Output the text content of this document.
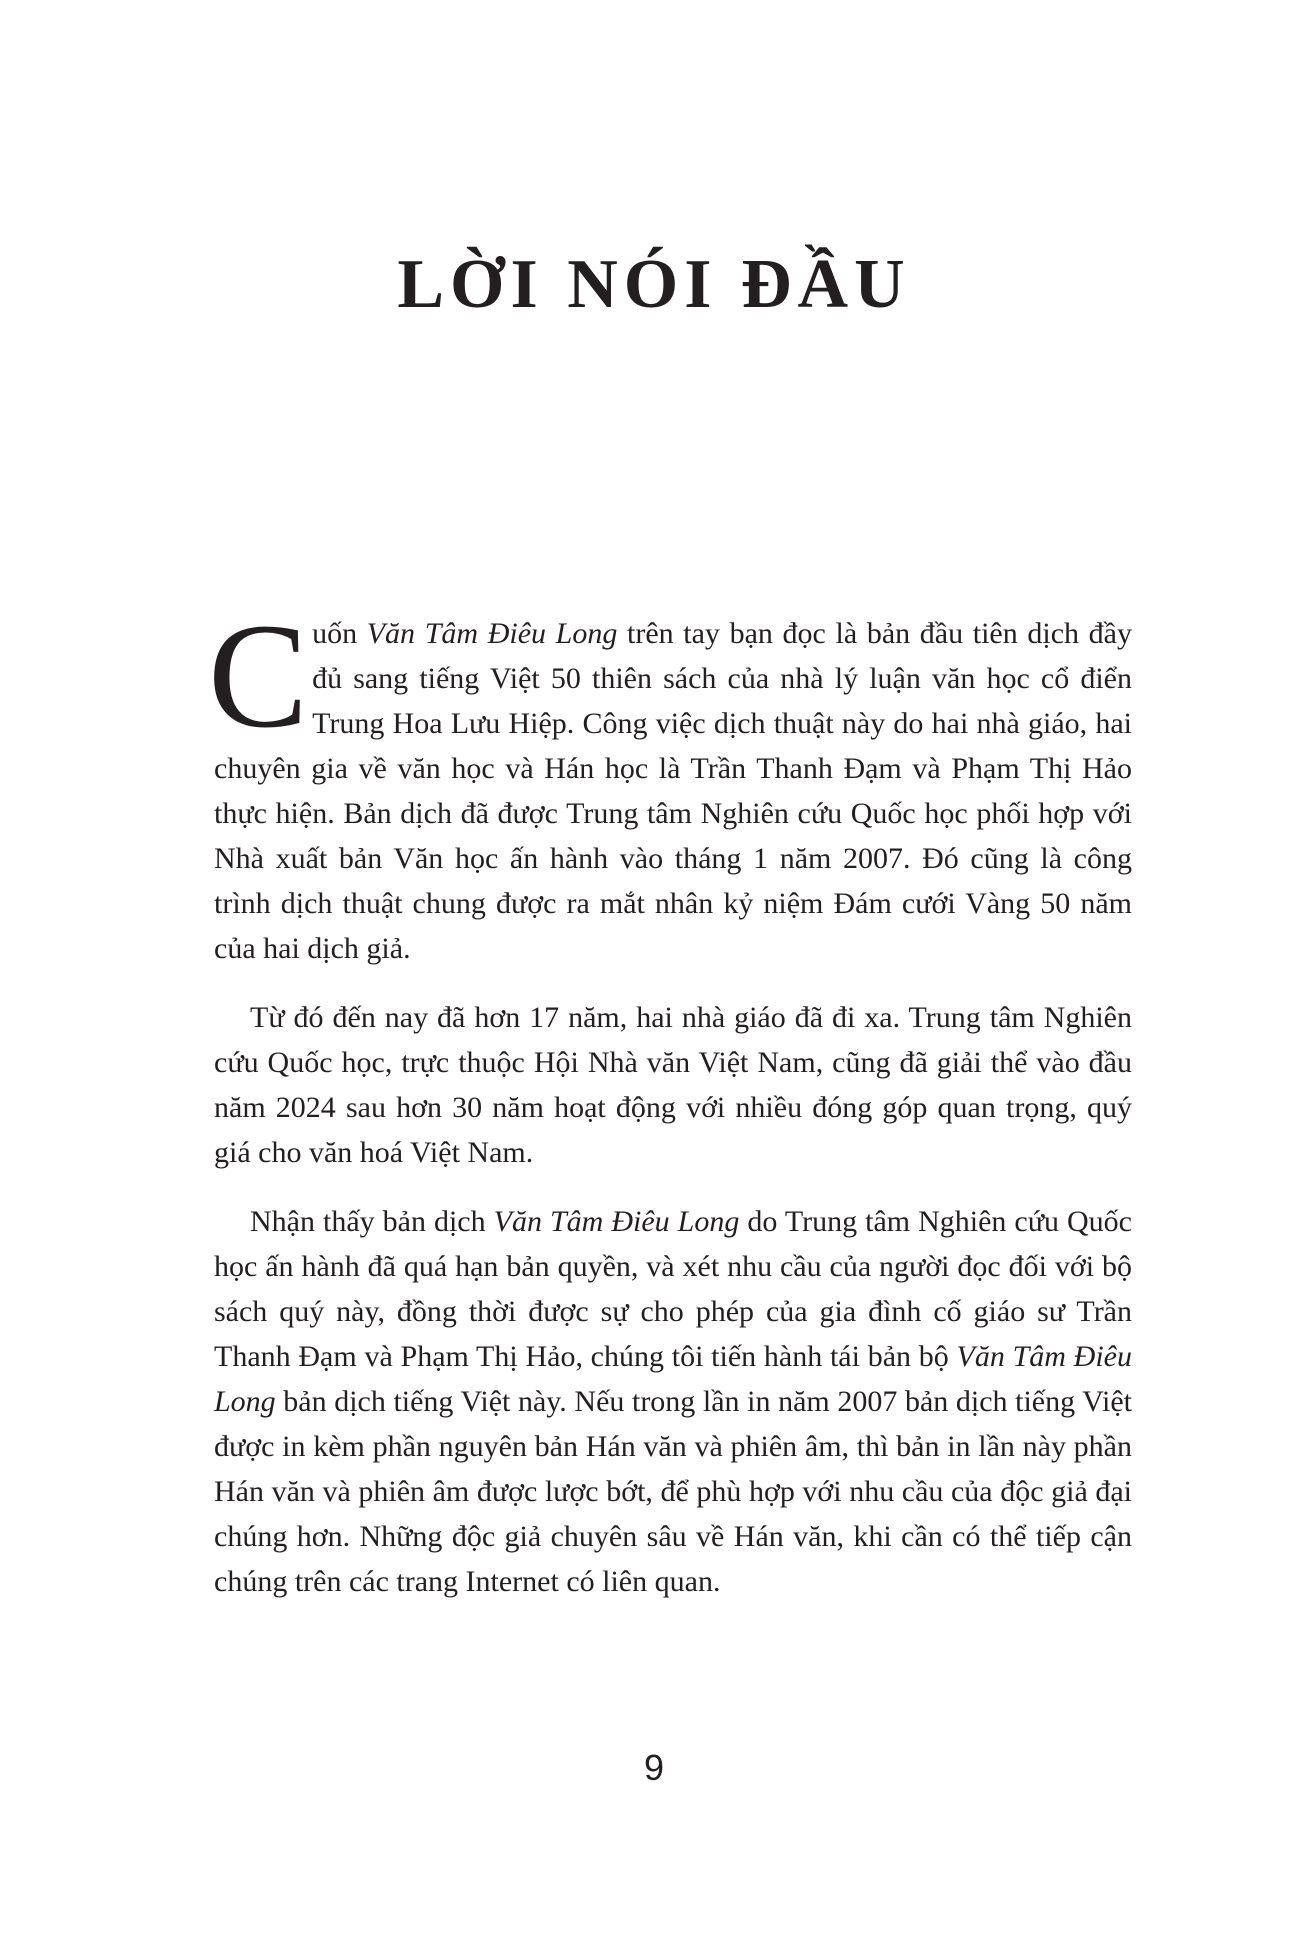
LỜI NÓI ĐẦU

Cuốn Văn Tâm Điêu Long trên tay bạn đọc là bản đầu tiên dịch đầy đủ sang tiếng Việt 50 thiên sách của nhà lý luận văn học cổ điển Trung Hoa Lưu Hiệp. Công việc dịch thuật này do hai nhà giáo, hai chuyên gia về văn học và Hán học là Trần Thanh Đạm và Phạm Thị Hảo thực hiện. Bản dịch đã được Trung tâm Nghiên cứu Quốc học phối hợp với Nhà xuất bản Văn học ấn hành vào tháng 1 năm 2007. Đó cũng là công trình dịch thuật chung được ra mắt nhân kỷ niệm Đám cưới Vàng 50 năm của hai dịch giả.

Từ đó đến nay đã hơn 17 năm, hai nhà giáo đã đi xa. Trung tâm Nghiên cứu Quốc học, trực thuộc Hội Nhà văn Việt Nam, cũng đã giải thể vào đầu năm 2024 sau hơn 30 năm hoạt động với nhiều đóng góp quan trọng, quý giá cho văn hoá Việt Nam.

Nhận thấy bản dịch Văn Tâm Điêu Long do Trung tâm Nghiên cứu Quốc học ấn hành đã quá hạn bản quyền, và xét nhu cầu của người đọc đối với bộ sách quý này, đồng thời được sự cho phép của gia đình cố giáo sư Trần Thanh Đạm và Phạm Thị Hảo, chúng tôi tiến hành tái bản bộ Văn Tâm Điêu Long bản dịch tiếng Việt này. Nếu trong lần in năm 2007 bản dịch tiếng Việt được in kèm phần nguyên bản Hán văn và phiên âm, thì bản in lần này phần Hán văn và phiên âm được lược bớt, để phù hợp với nhu cầu của độc giả đại chúng hơn. Những độc giả chuyên sâu về Hán văn, khi cần có thể tiếp cận chúng trên các trang Internet có liên quan.

9
